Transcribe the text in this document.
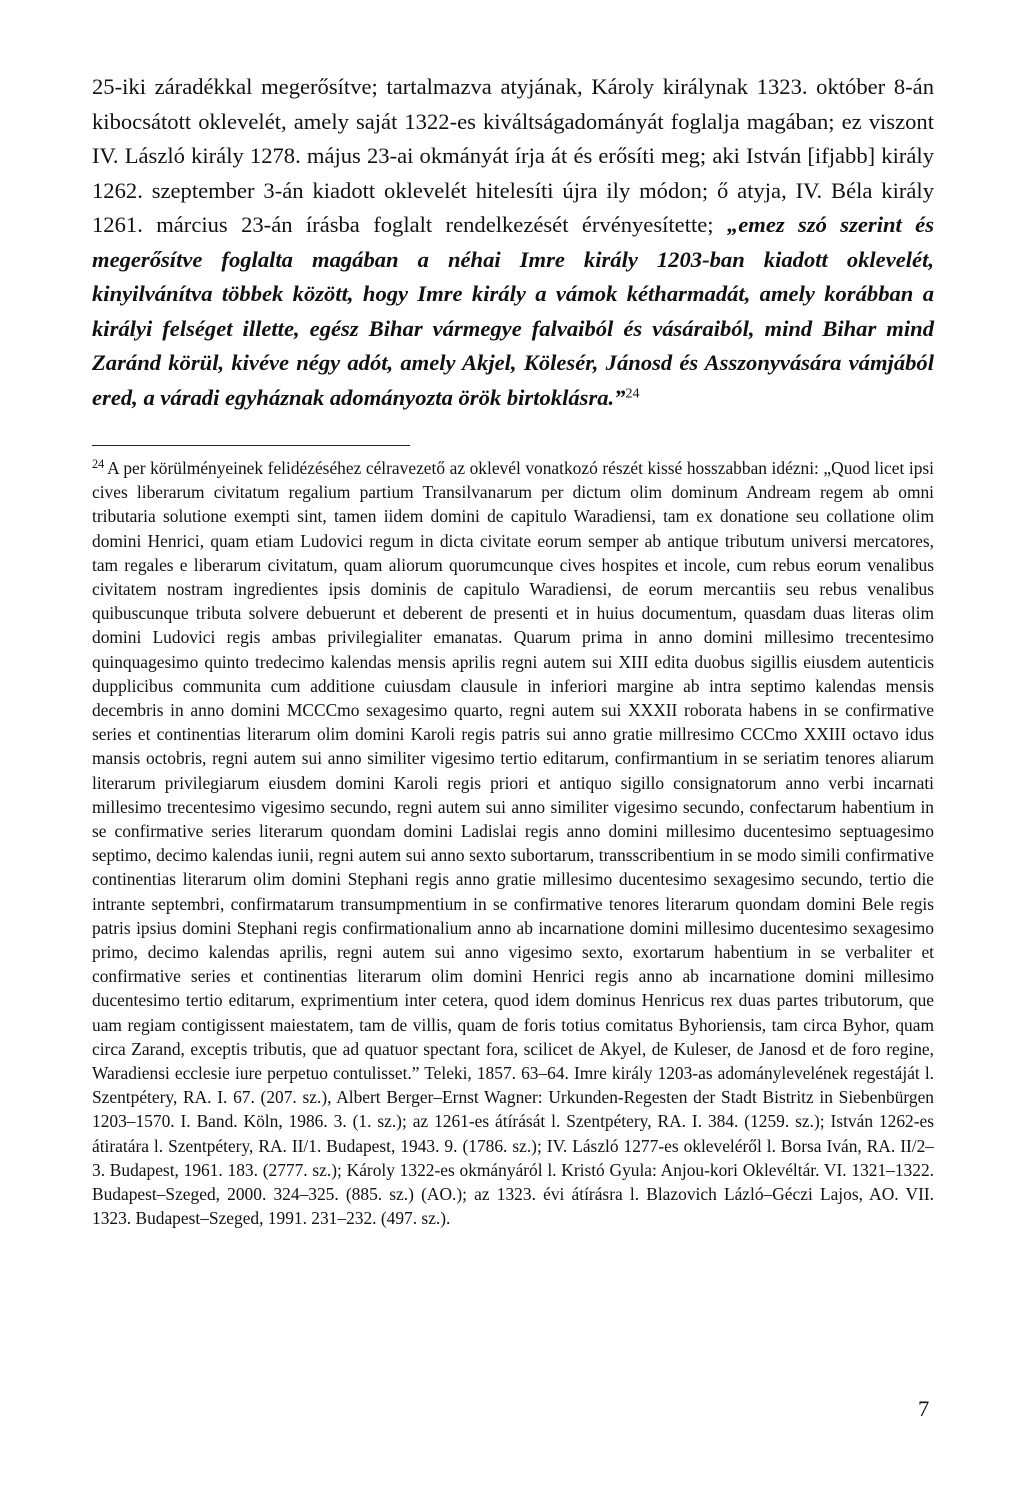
25-iki záradékkal megerősítve; tartalmazva atyjának, Károly királynak 1323. október 8-án kibocsátott oklevelét, amely saját 1322-es kiváltságadományát foglalja magában; ez viszont IV. László király 1278. május 23-ai okmányát írja át és erősíti meg; aki István [ifjabb] király 1262. szeptember 3-án kiadott oklevelét hitelesíti újra ily módon; ő atyja, IV. Béla király 1261. március 23-án írásba foglalt rendelkezését érvényesítette; „emez szó szerint és megerősítve foglalta magában a néhai Imre király 1203-ban kiadott oklevelét, kinyilvánítva többek között, hogy Imre király a vámok kétharmadát, amely korábban a királyi felséget illette, egész Bihar vármegye falvaiból és vásáraiból, mind Bihar mind Zaránd körül, kivéve négy adót, amely Akjel, Kölesér, Jánosd és Asszonyvására vámjából ered, a váradi egyháznak adományozta örök birtoklásra.”$^{24}$

$^{24}$ A per körülményeinek felidézéséhez célravezető az oklevél vonatkozó részét kissé hosszabban idézni: „Quod licet ipsi cives liberarum civitatum regalium partium Transilvanarum per dictum olim dominum Andream regem ab omni tributaria solutione exempti sint, tamen iidem domini de capitulo Waradiensi, tam ex donatione seu collatione olim domini Henrici, quam etiam Ludovici regum in dicta civitate eorum semper ab antique tributum universi mercatores, tam regales e liberarum civitatum, quam aliorum quorumcunque cives hospites et incole, cum rebus eorum venalibus civitatem nostram ingredientes ipsis dominis de capitulo Waradiensi, de eorum mercantiis seu rebus venalibus quibuscunque tributa solvere debuerunt et deberent de presenti et in huius documentum, quasdam duas literas olim domini Ludovici regis ambas privilegialiter emanatas. Quarum prima in anno domini millesimo trecentesimo quinquagesimo quinto tredecimo kalendas mensis aprilis regni autem sui XIII edita duobus sigillis eiusdem autenticis dupplicibus communita cum additione cuiusdam clausule in inferiori margine ab intra septimo kalendas mensis decembris in anno domini MCCCmo sexagesimo quarto, regni autem sui XXXII roborata habens in se confirmative series et continentias literarum olim domini Karoli regis patris sui anno gratie millresimo CCCmo XXIII octavo idus mansis octobris, regni autem sui anno similiter vigesimo tertio editarum, confirmantium in se seriatim tenores aliarum literarum privilegiarum eiusdem domini Karoli regis priori et antiquo sigillo consignatorum anno verbi incarnati millesimo trecentesimo vigesimo secundo, regni autem sui anno similiter vigesimo secundo, confectarum habentium in se confirmative series literarum quondam domini Ladislai regis anno domini millesimo ducentesimo septuagesimo septimo, decimo kalendas iunii, regni autem sui anno sexto subortarum, transscribentium in se modo simili confirmative continentias literarum olim domini Stephani regis anno gratie millesimo ducentesimo sexagesimo secundo, tertio die intrante septembri, confirmatarum transumpmentium in se confirmative tenores literarum quondam domini Bele regis patris ipsius domini Stephani regis confirmationalium anno ab incarnatione domini millesimo ducentesimo sexagesimo primo, decimo kalendas aprilis, regni autem sui anno vigesimo sexto, exortarum habentium in se verbaliter et confirmative series et continentias literarum olim domini Henrici regis anno ab incarnatione domini millesimo ducentesimo tertio editarum, exprimentium inter cetera, quod idem dominus Henricus rex duas partes tributorum, que uam regiam contigissent maiestatem, tam de villis, quam de foris totius comitatus Byhoriensis, tam circa Byhor, quam circa Zarand, exceptis tributis, que ad quatuor spectant fora, scilicet de Akyel, de Kuleser, de Janosd et de foro regine, Waradiensi ecclesie iure perpetuo contulisset.” Teleki, 1857. 63–64. Imre király 1203-as adománylevelének regestáját l. Szentpétery, RA. I. 67. (207. sz.), Albert Berger–Ernst Wagner: Urkunden-Regesten der Stadt Bistritz in Siebenbürgen 1203–1570. I. Band. Köln, 1986. 3. (1. sz.); az 1261-es átírását l. Szentpétery, RA. I. 384. (1259. sz.); István 1262-es átiratára l. Szentpétery, RA. II/1. Budapest, 1943. 9. (1786. sz.); IV. László 1277-es okleveléről l. Borsa Iván, RA. II/2–3. Budapest, 1961. 183. (2777. sz.); Károly 1322-es okmányáról l. Kristó Gyula: Anjou-kori Oklevéltár. VI. 1321–1322. Budapest–Szeged, 2000. 324–325. (885. sz.) (AO.); az 1323. évi átírásra l. Blazovich Lázló–Géczi Lajos, AO. VII. 1323. Budapest–Szeged, 1991. 231–232. (497. sz.).

7
